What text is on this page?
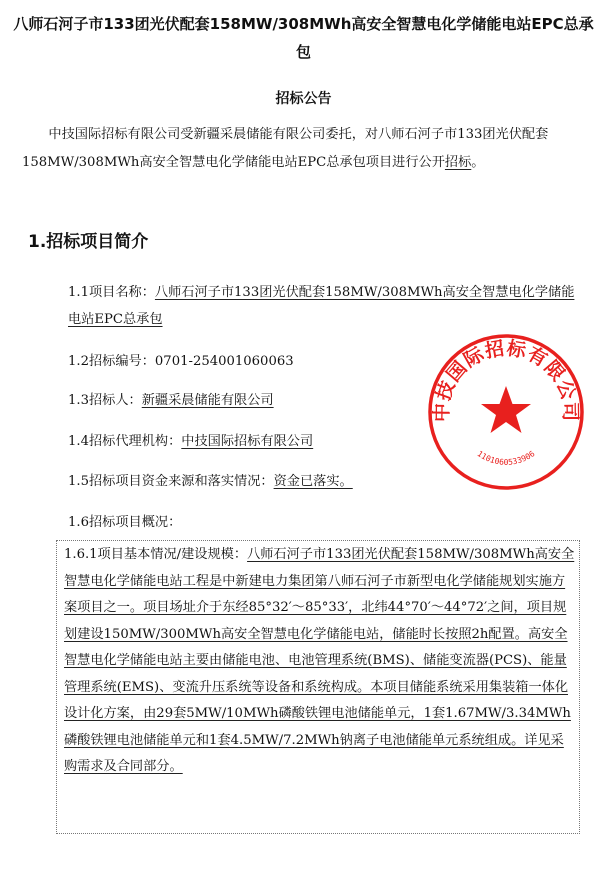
八师石河子市133团光伏配套158MW/308MWh高安全智慧电化学储能电站EPC总承包
招标公告
中技国际招标有限公司受新疆采晨储能有限公司委托，对八师石河子市133团光伏配套158MW/308MWh高安全智慧电化学储能电站EPC总承包项目进行公开招标。
1.招标项目简介
1.1项目名称：八师石河子市133团光伏配套158MW/308MWh高安全智慧电化学储能电站EPC总承包
1.2招标编号：0701-254001060063
1.3招标人：新疆采晨储能有限公司
1.4招标代理机构：中技国际招标有限公司
1.5招标项目资金来源和落实情况：资金已落实。
1.6招标项目概况：
1.6.1项目基本情况/建设规模：八师石河子市133团光伏配套158MW/308MWh高安全智慧电化学储能电站工程是中新建电力集团第八师石河子市新型电化学储能规划实施方案项目之一。项目场址介于东经85°32′～85°33′，北纬44°70′～44°72′之间，项目规划建设150MW/300MWh高安全智慧电化学储能电站，储能时长按照2h配置。高安全智慧电化学储能电站主要由储能电池、电池管理系统(BMS)、储能变流器(PCS)、能量管理系统(EMS)、变流升压系统等设备和系统构成。本项目储能系统采用集装箱一体化设计化方案，由29套5MW/10MWh磷酸铁锂电池储能单元，1套1.67MW/3.34MWh磷酸铁锂电池储能单元和1套4.5MW/7.2MWh钠离子电池储能单元系统组成。详见采购需求及合同部分。
中技国际招标有限公司
1101060533906
